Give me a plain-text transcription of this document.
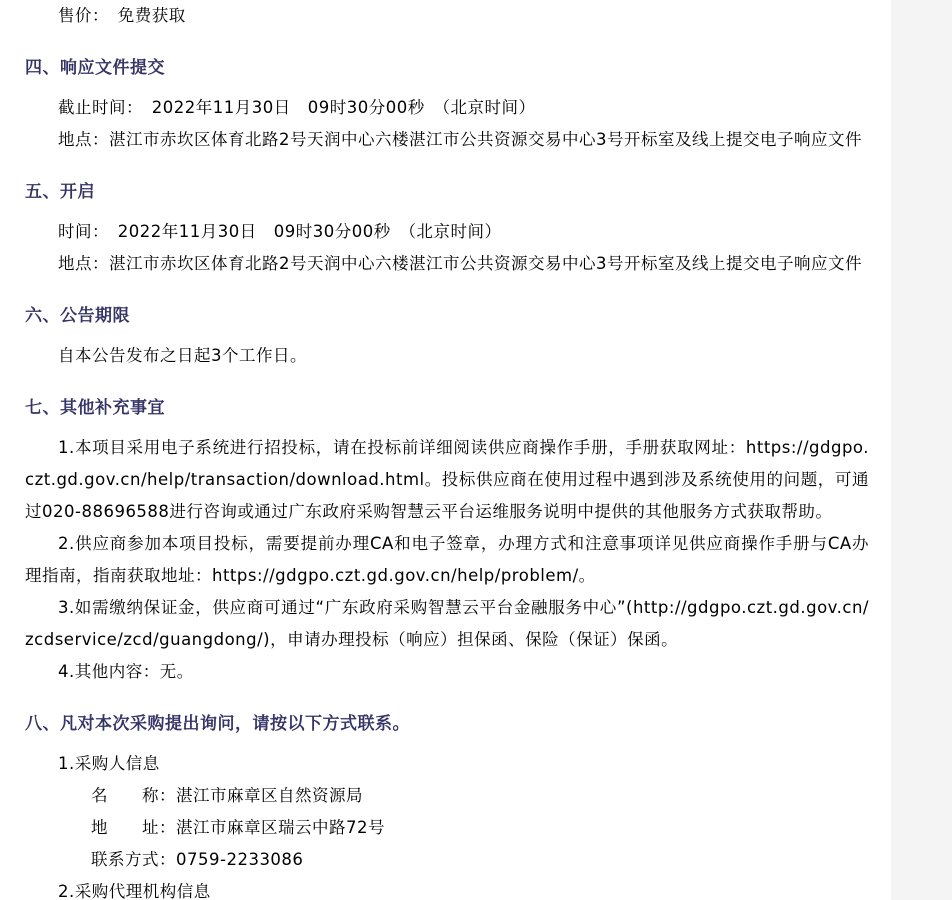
售价：　免费获取

四、响应文件提交

截止时间：　2022年11月30日　09时30分00秒　（北京时间）

地点：湛江市赤坎区体育北路2号天润中心六楼湛江市公共资源交易中心3号开标室及线上提交电子响应文件

五、开启

时间：　2022年11月30日　09时30分00秒　（北京时间）

地点：湛江市赤坎区体育北路2号天润中心六楼湛江市公共资源交易中心3号开标室及线上提交电子响应文件

六、公告期限

自本公告发布之日起3个工作日。

七、其他补充事宜

1.本项目采用电子系统进行招投标，请在投标前详细阅读供应商操作手册，手册获取网址：https://gdgpo.czt.gd.gov.cn/help/transaction/download.html。投标供应商在使用过程中遇到涉及系统使用的问题，可通过020-88696588进行咨询或通过广东政府采购智慧云平台运维服务说明中提供的其他服务方式获取帮助。

2.供应商参加本项目投标，需要提前办理CA和电子签章，办理方式和注意事项详见供应商操作手册与CA办理指南，指南获取地址：https://gdgpo.czt.gd.gov.cn/help/problem/。

3.如需缴纳保证金，供应商可通过“广东政府采购智慧云平台金融服务中心”(http://gdgpo.czt.gd.gov.cn/zcdservice/zcd/guangdong/)，申请办理投标（响应）担保函、保险（保证）保函。

4.其他内容：无。

八、凡对本次采购提出询问，请按以下方式联系。

1.采购人信息

名　　称：湛江市麻章区自然资源局

地　　址：湛江市麻章区瑞云中路72号

联系方式：0759-2233086

2.采购代理机构信息
